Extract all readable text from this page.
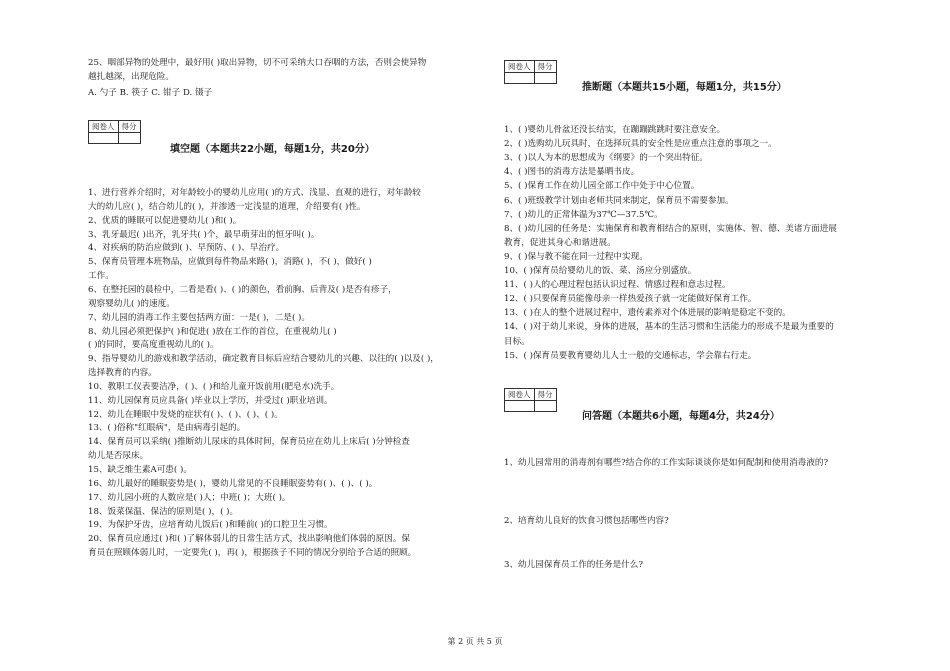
25、咽部异物的处理中，最好用( )取出异物，切不可采纳大口吞咽的方法，否则会使异物
越扎越深，出现危险。
A. 勺子 B. 筷子 C. 钳子 D. 镊子
阅卷人	得分

填空题（本题共22小题，每题1分，共20分）
1、进行营养介绍时，对年龄较小的婴幼儿应用( )的方式、浅显、直观的进行，对年龄较
大的幼儿应( )，结合幼儿的( )，并渗透一定浅显的道理，介绍要有( )性。
2、优质的睡眠可以促进婴幼儿( )和( )。
3、乳牙最迟( )出齐，乳牙共( )个，最早萌芽出的恒牙叫( )。
4、对疾病的防治应做到( )、早预防、( )、早治疗。
5、保育员管理本班物品，应做到每件物品来路( )，消路( )，不( )，做好( )
工作。
6、在整托园的晨检中，二看是看( )、( )的颜色，看前胸、后背及( )是否有疹子，
观察婴幼儿( )的速度。
7、幼儿园的消毒工作主要包括两方面：一是( )，二是( )。
8、幼儿园必须把保护( )和促进( )放在工作的首位，在重视幼儿( )
( )的同时，要高度重视幼儿的( )。
9、指导婴幼儿的游戏和教学活动，确定教育目标后应结合婴幼儿的兴趣、以往的( )以及( )，
选择教育的内容。
10、教职工仪表要洁净，( )、( )和给儿童开饭前用(肥皂水)洗手。
11、幼儿园保育员应具备( )毕业以上学历，并受过( )职业培训。
12、幼儿在睡眠中发烧的症状有( )、( )、( )、( )。
13、( )俗称"红眼病"，是由病毒引起的。
14、保育员可以采纳( )推断幼儿尿床的具体时间，保育员应在幼儿上床后( )分钟检查
幼儿是否尿床。
15、缺乏维生素A可患( )。
16、幼儿最好的睡眠姿势是( )，婴幼儿常见的不良睡眠姿势有( )、( )、( )。
17、幼儿园小班的人数应是( )人；中班( )；大班( )。
18、饭菜保温、保洁的原则是( )，( )。
19、为保护牙齿，应培育幼儿饭后( )和睡前( )的口腔卫生习惯。
20、保育员应通过( )和( )了解体弱儿的日常生活方式，找出影响他们体弱的原因。保
育员在照顾体弱儿时，一定要先( )，再( )，根据孩子不同的情况分别给予合适的照顾。
阅卷人	得分

推断题（本题共15小题，每题1分，共15分）
1、( )婴幼儿骨盆还没长结实，在蹦蹦跳跳时要注意安全。
2、( )选购幼儿玩具时，在选择玩具的安全性是应重点注意的事项之一。
3、( )以人为本的思想成为《纲要》的一个突出特征。
4、( )图书的消毒方法是暴晒书皮。
5、( )保育工作在幼儿园全部工作中处于中心位置。
6、( )班级教学计划由老师共同来制定，保育员不需要参加。
7、( )幼儿的正常体温为37℃—37.5℃。
8、( )幼儿园的任务是：实施保育和教育相结合的原则，实施体、智、德、美诸方面进展
教育，促进其身心和谐进展。
9、( )保与教不能在同一过程中实现。
10、( )保育员给婴幼儿的饭、菜、汤应分别盛放。
11、( )人的心理过程包括认识过程、情感过程和意志过程。
12、( )只要保育员能像母亲一样热爱孩子就一定能做好保育工作。
13、( )在人的整个进展过程中，遗传素养对个体进展的影响是稳定不变的。
14、( )对于幼儿来说，身体的进展，基本的生活习惯和生活能力的形成不是最为重要的
目标。
15、( )保育员要教育婴幼儿人士一般的交通标志，学会靠右行走。
阅卷人	得分

问答题（本题共6小题，每题4分，共24分）
1、幼儿园常用的消毒剂有哪些?结合你的工作实际谈谈你是如何配制和使用消毒液的?
2、培育幼儿良好的饮食习惯包括哪些内容?
3、幼儿园保育员工作的任务是什么?
第 2 页 共 5 页
